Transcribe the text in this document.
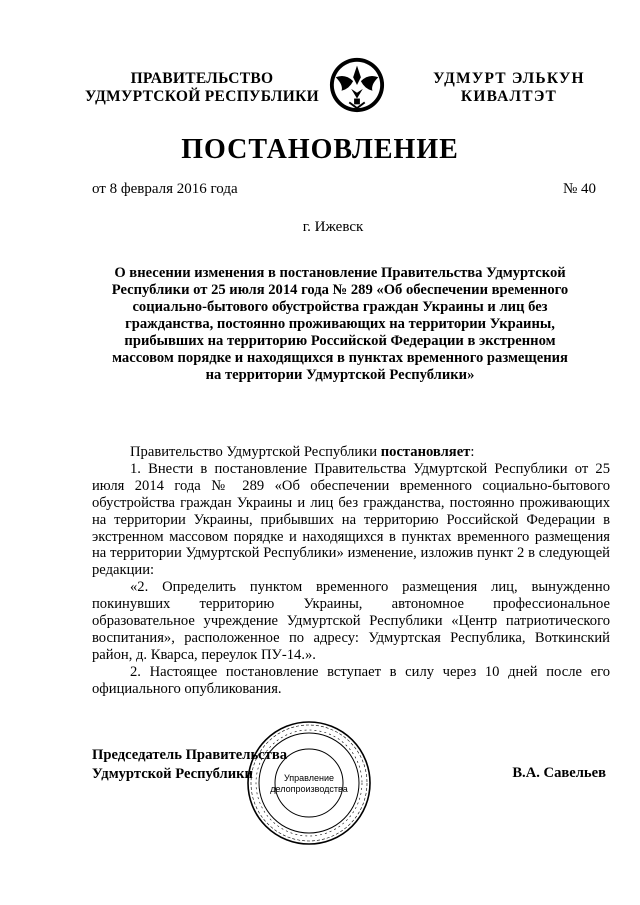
ПРАВИТЕЛЬСТВО
УДМУРТСКОЙ РЕСПУБЛИКИ
УДМУРТ ЭЛЬКУН
КИВАЛТЭТ
ПОСТАНОВЛЕНИЕ
от 8 февраля 2016 года	№ 40
г. Ижевск
О внесении изменения в постановление Правительства Удмуртской Республики от 25 июля 2014 года № 289 «Об обеспечении временного социально-бытового обустройства граждан Украины и лиц без гражданства, постоянно проживающих на территории Украины, прибывших на территорию Российской Федерации в экстренном массовом порядке и находящихся в пунктах временного размещения на территории Удмуртской Республики»

Правительство Удмуртской Республики постановляет:

1. Внести в постановление Правительства Удмуртской Республики от 25 июля 2014 года № 289 «Об обеспечении временного социально-бытового обустройства граждан Украины и лиц без гражданства, постоянно проживающих на территории Украины, прибывших на территорию Российской Федерации в экстренном массовом порядке и находящихся в пунктах временного размещения на территории Удмуртской Республики» изменение, изложив пункт 2 в следующей редакции:

«2. Определить пунктом временного размещения лиц, вынужденно покинувших территорию Украины, автономное профессиональное образовательное учреждение Удмуртской Республики «Центр патриотического воспитания», расположенное по адресу: Удмуртская Республика, Воткинский район, д. Кварса, переулок ПУ-14.».

2. Настоящее постановление вступает в силу через 10 дней после его официального опубликования.

Председатель Правительства
Удмуртской Республики	Управление
делопроизводства
В.А. Савельев
